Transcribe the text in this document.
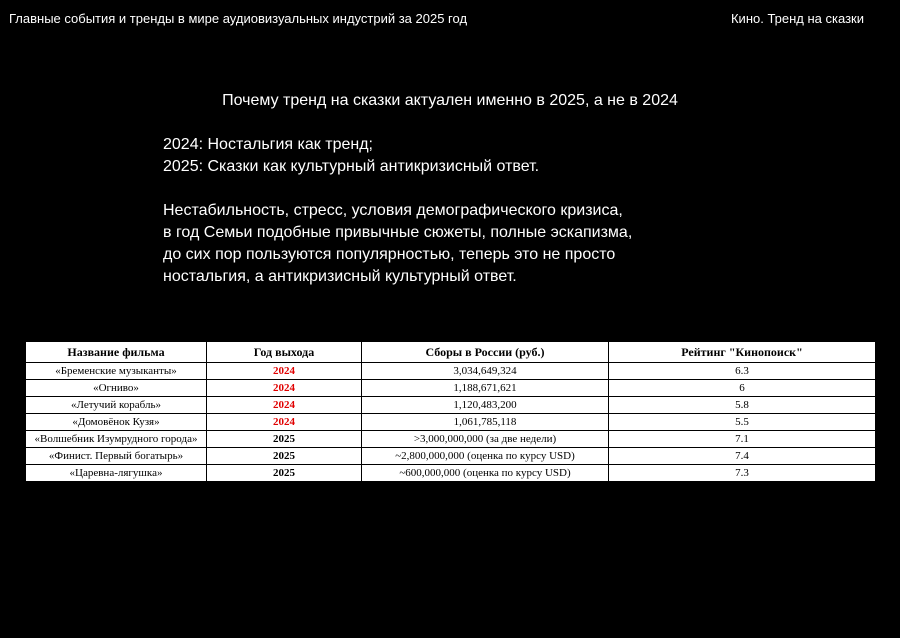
Главные события и тренды в мире аудиовизуальных индустрий за 2025 год	Кино. Тренд на сказки
Почему тренд на сказки актуален именно в 2025, а не в 2024
2024: Ностальгия как тренд;
2025: Сказки как культурный антикризисный ответ.
Нестабильность, стресс, условия демографического кризиса,
в год Семьи подобные привычные сюжеты, полные эскапизма,
до сих пор пользуются популярностью, теперь это не просто
ностальгия, а антикризисный культурный ответ.
Название фильма	Год выхода	Сборы в России (руб.)	Рейтинг "Кинопоиск"
«Бременские музыканты»	2024	3,034,649,324	6.3
«Огниво»	2024	1,188,671,621	6
«Летучий корабль»	2024	1,120,483,200	5.8
«Домовёнок Кузя»	2024	1,061,785,118	5.5
«Волшебник Изумрудного города»	2025	>3,000,000,000 (за две недели)	7.1
«Финист. Первый богатырь»	2025	~2,800,000,000 (оценка по курсу USD)	7.4
«Царевна-лягушка»	2025	~600,000,000 (оценка по курсу USD)	7.3
